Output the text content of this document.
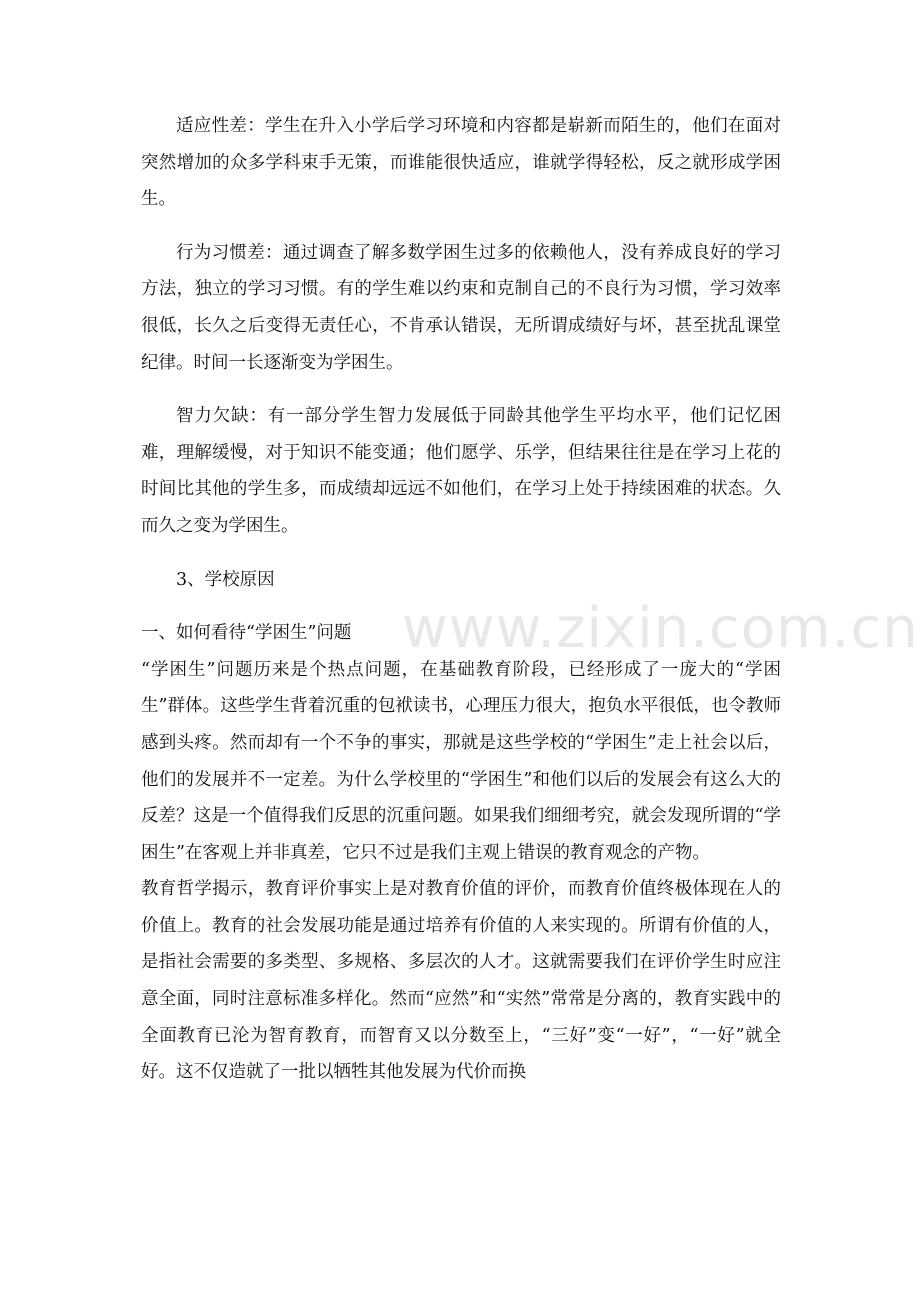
适应性差：学生在升入小学后学习环境和内容都是崭新而陌生的，他们在面对突然增加的众多学科束手无策，而谁能很快适应，谁就学得轻松，反之就形成学困生。

行为习惯差：通过调查了解多数学困生过多的依赖他人，没有养成良好的学习方法，独立的学习习惯。有的学生难以约束和克制自己的不良行为习惯，学习效率很低，长久之后变得无责任心，不肯承认错误，无所谓成绩好与坏，甚至扰乱课堂纪律。时间一长逐渐变为学困生。

智力欠缺：有一部分学生智力发展低于同龄其他学生平均水平，他们记忆困难，理解缓慢，对于知识不能变通；他们愿学、乐学，但结果往往是在学习上花的时间比其他的学生多，而成绩却远远不如他们，在学习上处于持续困难的状态。久而久之变为学困生。

3、学校原因

一、如何看待“学困生”问题

“学困生”问题历来是个热点问题，在基础教育阶段，已经形成了一庞大的“学困生”群体。这些学生背着沉重的包袱读书，心理压力很大，抱负水平很低，也令教师感到头疼。然而却有一个不争的事实，那就是这些学校的“学困生”走上社会以后，他们的发展并不一定差。为什么学校里的“学困生”和他们以后的发展会有这么大的反差？这是一个值得我们反思的沉重问题。如果我们细细考究，就会发现所谓的“学困生”在客观上并非真差，它只不过是我们主观上错误的教育观念的产物。

教育哲学揭示，教育评价事实上是对教育价值的评价，而教育价值终极体现在人的价值上。教育的社会发展功能是通过培养有价值的人来实现的。所谓有价值的人，是指社会需要的多类型、多规格、多层次的人才。这就需要我们在评价学生时应注意全面，同时注意标准多样化。然而“应然”和“实然”常常是分离的，教育实践中的全面教育已沦为智育教育，而智育又以分数至上，“三好”变“一好”，“一好”就全好。这不仅造就了一批以牺牲其他发展为代价而换

www.zixin.com.cn
